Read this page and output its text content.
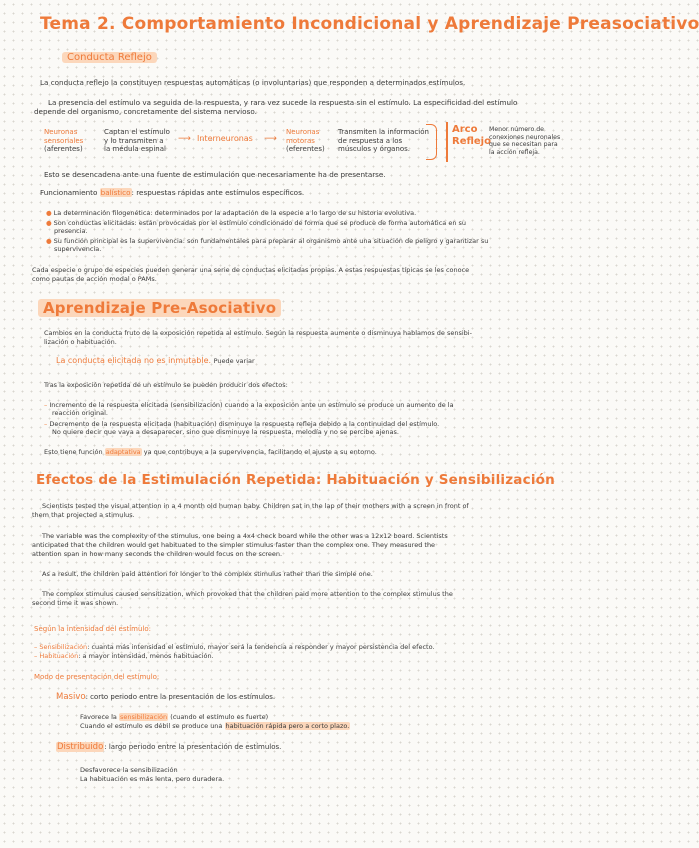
Tema 2. Comportamiento Incondicional y Aprendizaje Preasociativo
Conducta Reflejo
La conducta reflejo la constituyen respuestas automáticas (o involuntarias) que responden a determinados estímulos.
La presencia del estímulo va seguida de la respuesta, y rara vez sucede la respuesta sin el estímulo. La especificidad del estímulo
depende del organismo, concretamente del sistema nervioso.
Neuronas
sensoriales
(aferentes)
Captan el estímulo
y lo transmiten a
la médula espinal
⟶ Interneuronas ⟶
Neuronas
motoras
(eferentes)
Transmiten la información
de respuesta a los
músculos y órganos.
Arco
Reflejo
Menor número de
conexiones neuronales
que se necesitan para
la acción refleja.
Esto se desencadena ante una fuente de estimulación que necesariamente ha de presentarse.
Funcionamiento balístico: respuestas rápidas ante estímulos específicos.
● La determinación filogenética: determinados por la adaptación de la especie a lo largo de su historia evolutiva.
● Son conductas elicitadas: están provocadas por el estímulo condicionado de forma que se produce de forma automática en su
presencia.
● Su función principal es la supervivencia: son fundamentales para preparar al organismo ante una situación de peligro y garantizar su
supervivencia.
Cada especie o grupo de especies pueden generar una serie de conductas elicitadas propias. A estas respuestas típicas se les conoce
como pautas de acción modal o PAMs.
Aprendizaje Pre-Asociativo
Cambios en la conducta fruto de la exposición repetida al estímulo. Según la respuesta aumente o disminuya hablamos de sensibi-
lización o habituación.
La conducta elicitada no es inmutable. Puede variar
Tras la exposición repetida de un estímulo se pueden producir dos efectos:
– Incremento de la respuesta elicitada (sensibilización) cuando a la exposición ante un estímulo se produce un aumento de la
reacción original.
– Decremento de la respuesta elicitada (habituación) disminuye la respuesta refleja debido a la continuidad del estímulo.
No quiere decir que vaya a desaparecer, sino que disminuye la respuesta, melodía y no se percibe ajenas.
Esto tiene función adaptativa ya que contribuye a la supervivencia, facilitando el ajuste a su entorno.
Efectos de la Estimulación Repetida: Habituación y Sensibilización
Scientists tested the visual attention in a 4 month old human baby. Children sat in the lap of their mothers with a screen in front of
them that projected a stimulus.
The variable was the complexity of the stimulus, one being a 4x4 check board while the other was a 12x12 board. Scientists
anticipated that the children would get habituated to the simpler stimulus faster than the complex one. They measured the
attention span in how many seconds the children would focus on the screen.
As a result, the children paid attention for longer to the complex stimulus rather than the simple one.
The complex stimulus caused sensitization, which provoked that the children paid more attention to the complex stimulus the
second time it was shown.
Según la intensidad del estímulo:
– Sensibilización: cuanta más intensidad el estímulo, mayor será la tendencia a responder y mayor persistencia del efecto.
– Habituación: a mayor intensidad, menos habituación.
Modo de presentación del estímulo:
Masivo: corto periodo entre la presentación de los estímulos.
Favorece la sensibilización (cuando el estímulo es fuerte)
Cuando el estímulo es débil se produce una habituación rápida pero a corto plazo.
Distribuido: largo periodo entre la presentación de estímulos.
Desfavorece la sensibilización
La habituación es más lenta, pero duradera.
